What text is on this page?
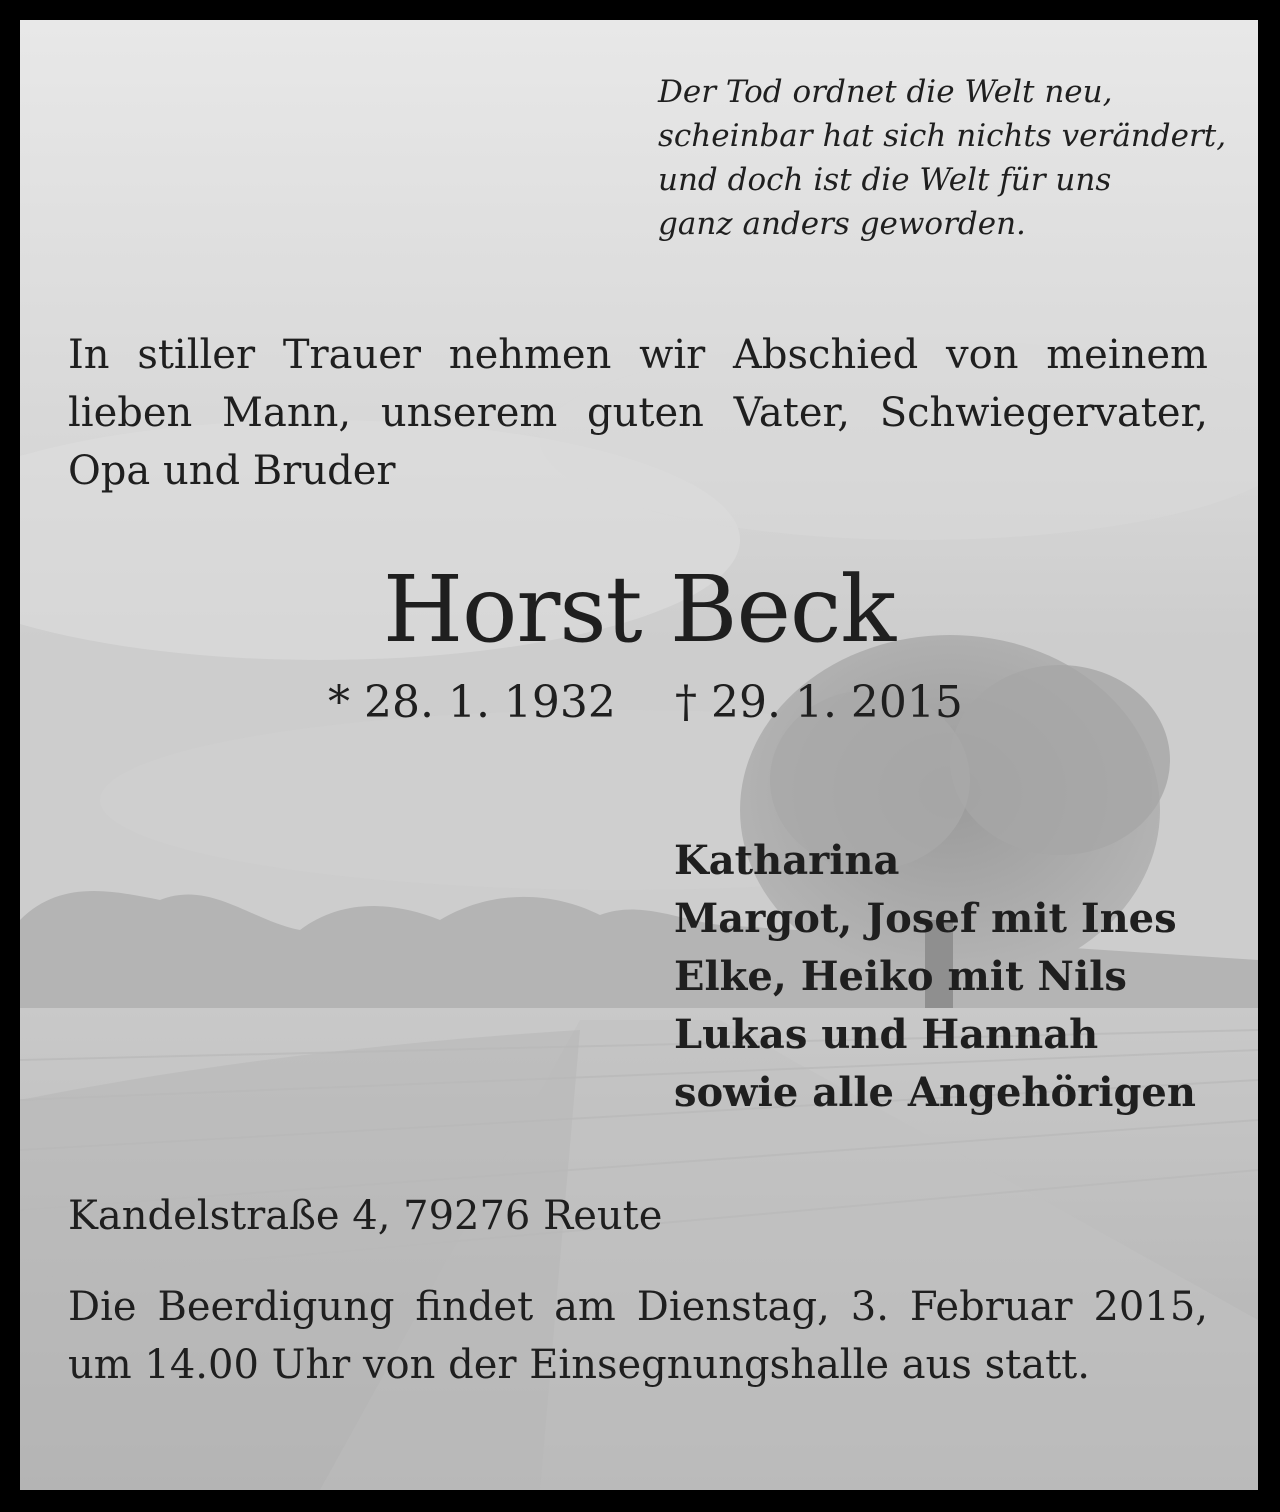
Der Tod ordnet die Welt neu,
scheinbar hat sich nichts verändert,
und doch ist die Welt für uns
ganz anders geworden.
In stiller Trauer nehmen wir Abschied von meinem lieben Mann, unserem guten Vater, Schwiegervater, Opa und Bruder
Horst Beck
* 28. 1. 1932 † 29. 1. 2015
Katharina
Margot, Josef mit Ines
Elke, Heiko mit Nils
Lukas und Hannah
sowie alle Angehörigen
Kandelstraße 4, 79276 Reute
Die Beerdigung findet am Dienstag, 3. Februar 2015,
um 14.00 Uhr von der Einsegnungshalle aus statt.
